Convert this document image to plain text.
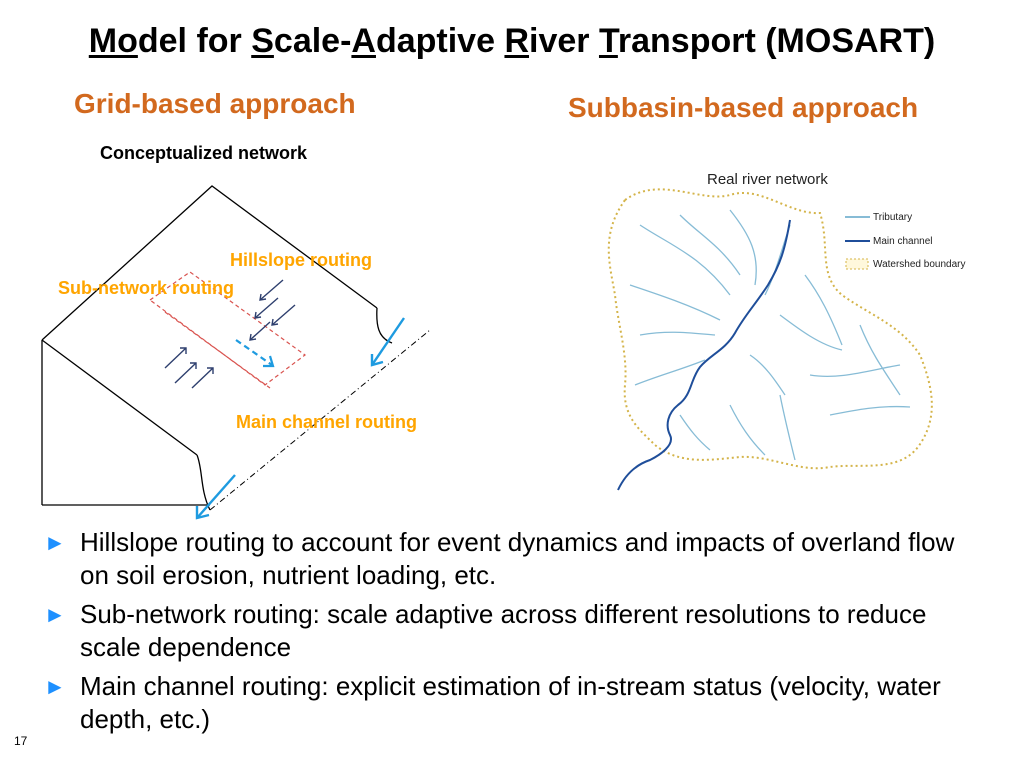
Model for Scale-Adaptive River Transport (MOSART)
Grid-based approach	Subbasin-based approach
Conceptualized network
Hillslope routing
Sub-network routing
Main channel routing
Real river network
Tributary
Main channel
Watershed boundary
► Hillslope routing to account for event dynamics and impacts of overland flow on soil erosion, nutrient loading, etc.
► Sub-network routing: scale adaptive across different resolutions to reduce scale dependence
► Main channel routing: explicit estimation of in-stream status (velocity, water depth, etc.)
17
